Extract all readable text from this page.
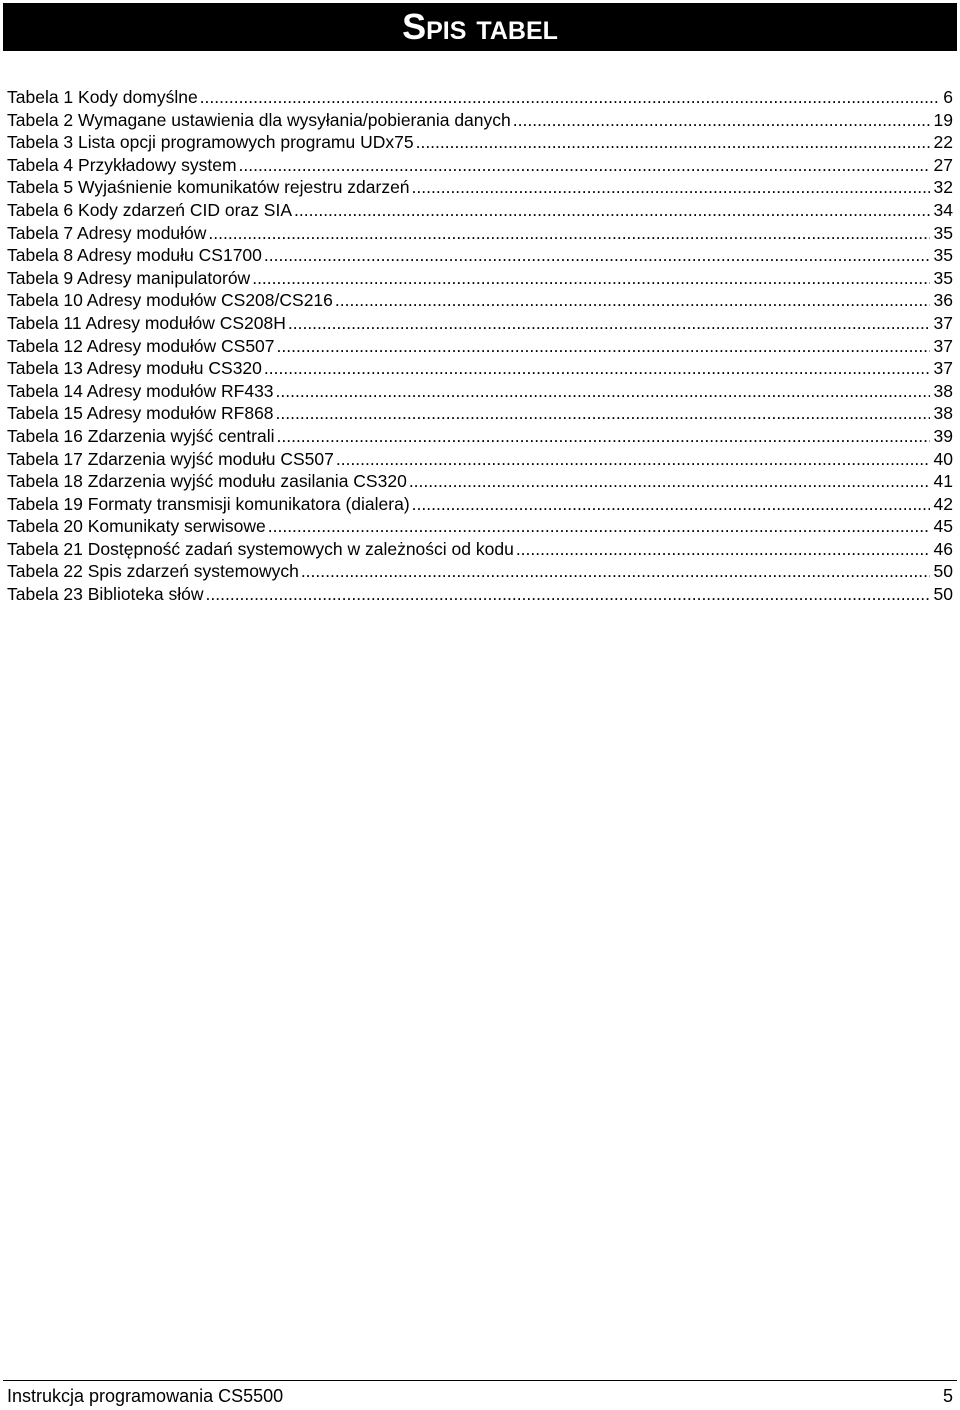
Spis tabel
Tabela 1 Kody domyślne .....	6
Tabela 2 Wymagane ustawienia dla wysyłania/pobierania danych .....	19
Tabela 3 Lista opcji programowych programu UDx75 .....	22
Tabela 4 Przykładowy system .....	27
Tabela 5 Wyjaśnienie komunikatów rejestru zdarzeń .....	32
Tabela 6 Kody zdarzeń CID oraz SIA .....	34
Tabela 7 Adresy modułów .....	35
Tabela 8 Adresy modułu CS1700 .....	35
Tabela 9 Adresy manipulatorów .....	35
Tabela 10 Adresy modułów CS208/CS216 .....	36
Tabela 11 Adresy modułów CS208H .....	37
Tabela 12 Adresy modułów CS507 .....	37
Tabela 13 Adresy modułu CS320 .....	37
Tabela 14 Adresy modułów RF433 .....	38
Tabela 15 Adresy modułów RF868 .....	38
Tabela 16 Zdarzenia wyjść centrali .....	39
Tabela 17 Zdarzenia wyjść modułu CS507 .....	40
Tabela 18 Zdarzenia wyjść modułu zasilania CS320 .....	41
Tabela 19 Formaty transmisji komunikatora (dialera) .....	42
Tabela 20 Komunikaty serwisowe .....	45
Tabela 21 Dostępność zadań systemowych w zależności od kodu .....	46
Tabela 22 Spis zdarzeń systemowych .....	50
Tabela 23 Biblioteka słów .....	50
Instrukcja programowania CS5500	5
